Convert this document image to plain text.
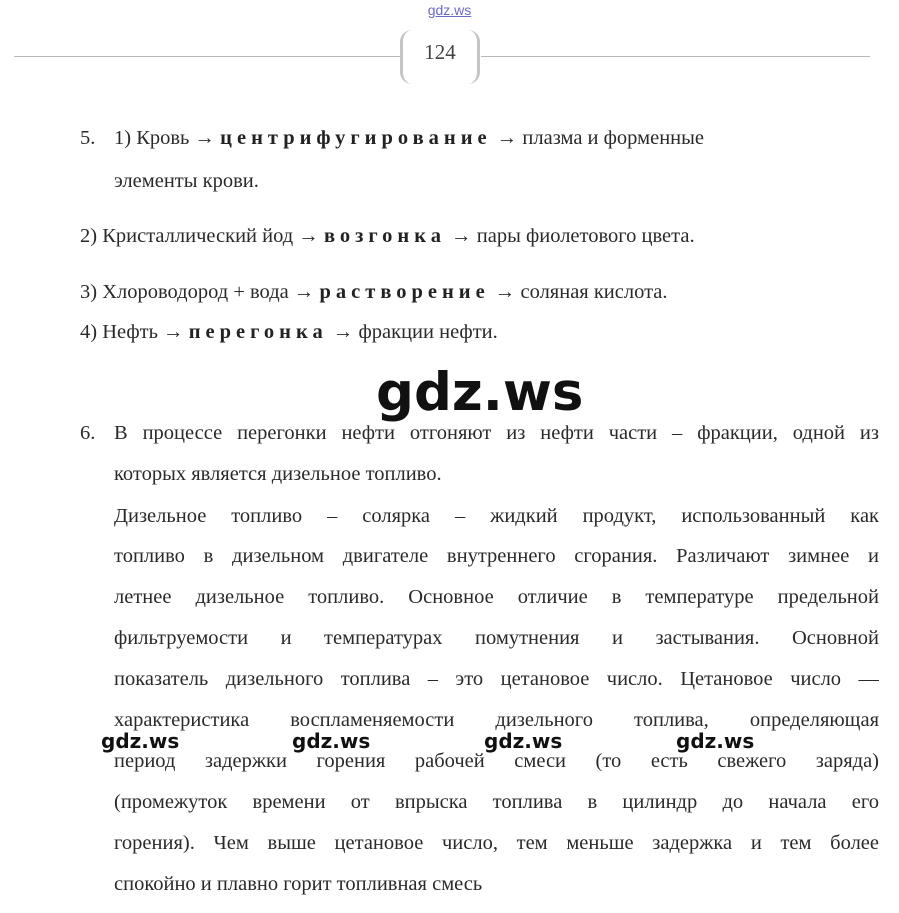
gdz.ws
124
5. 1) Кровь → центрифугирование → плазма и форменные
элементы крови.
2) Кристаллический йод → возгонка → пары фиолетового цвета.
3) Хлороводород + вода → растворение → соляная кислота.
4) Нефть → перегонка → фракции нефти.
gdz.ws
6. В процессе перегонки нефти отгоняют из нефти части – фракции, одной из
которых является дизельное топливо.
Дизельное топливо – солярка – жидкий продукт, использованный как
топливо в дизельном двигателе внутреннего сгорания. Различают зимнее и
летнее дизельное топливо. Основное отличие в температуре предельной
фильтруемости и температурах помутнения и застывания. Основной
показатель дизельного топлива – это цетановое число. Цетановое число —
характеристика воспламеняемости дизельного топлива, определяющая
период задержки горения рабочей смеси (то есть свежего заряда)
(промежуток времени от впрыска топлива в цилиндр до начала его
горения). Чем выше цетановое число, тем меньше задержка и тем более
спокойно и плавно горит топливная смесь
gdz.ws	gdz.ws	gdz.ws	gdz.ws
